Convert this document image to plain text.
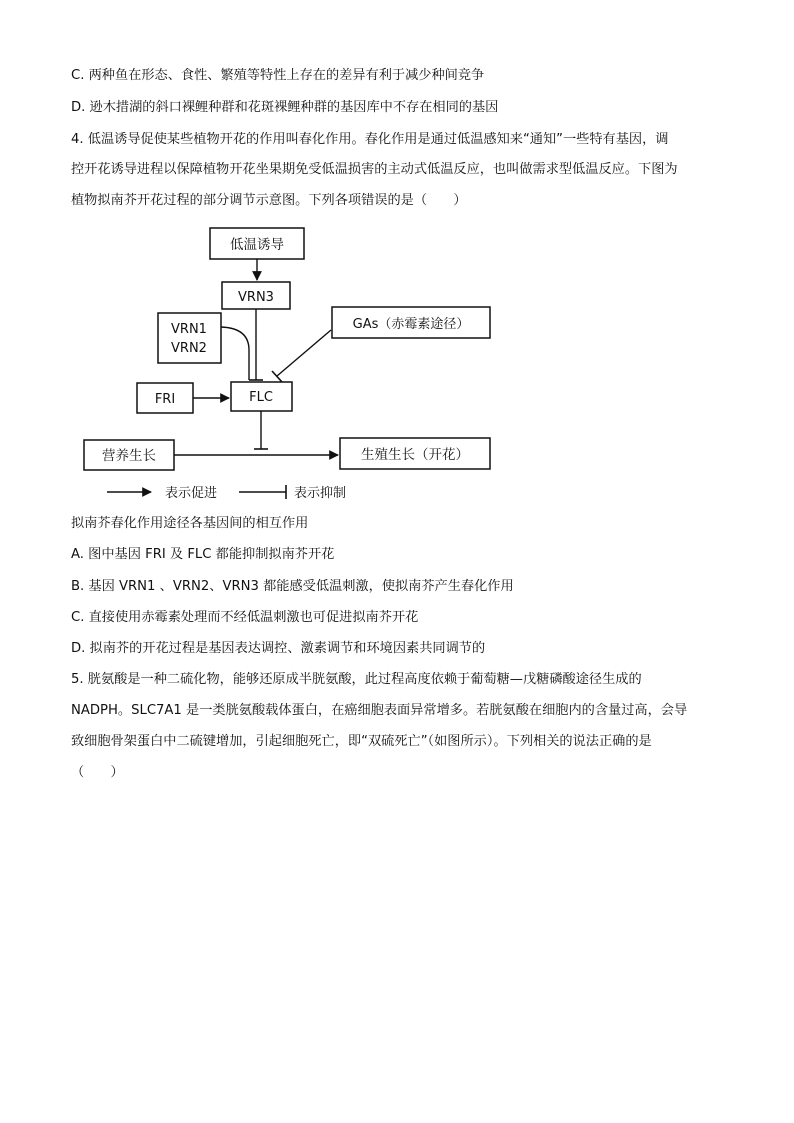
C. 两种鱼在形态、食性、繁殖等特性上存在的差异有利于减少种间竞争
D. 逊木措湖的斜口裸鲤种群和花斑裸鲤种群的基因库中不存在相同的基因
4. 低温诱导促使某些植物开花的作用叫春化作用。春化作用是通过低温感知来“通知”一些特有基因，调
控开花诱导进程以保障植物开花坐果期免受低温损害的主动式低温反应，也叫做需求型低温反应。下图为
植物拟南芥开花过程的部分调节示意图。下列各项错误的是（　　）
低温诱导
VRN3
VRN1
VRN2
GAs（赤霉素途径）
FRI	FLC
营养生长	生殖生长（开花）
表示促进	表示抑制
拟南芥春化作用途径各基因间的相互作用
A. 图中基因 FRI 及 FLC 都能抑制拟南芥开花
B. 基因 VRN1 、VRN2、VRN3 都能感受低温刺激，使拟南芥产生春化作用
C. 直接使用赤霉素处理而不经低温刺激也可促进拟南芥开花
D. 拟南芥的开花过程是基因表达调控、激素调节和环境因素共同调节的
5. 胱氨酸是一种二硫化物，能够还原成半胱氨酸，此过程高度依赖于葡萄糖—戊糖磷酸途径生成的
NADPH。SLC7A1 是一类胱氨酸载体蛋白，在癌细胞表面异常增多。若胱氨酸在细胞内的含量过高，会导
致细胞骨架蛋白中二硫键增加，引起细胞死亡，即“双硫死亡”（如图所示）。下列相关的说法正确的是
（　　）
